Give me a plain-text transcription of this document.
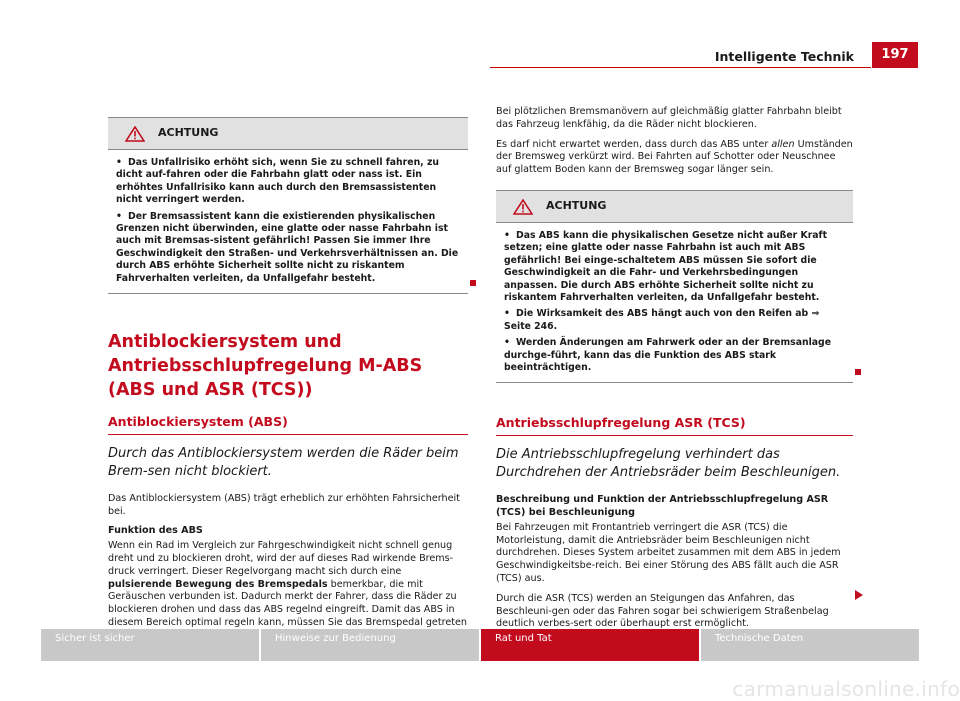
Intelligente Technik	197
ACHTUNG
• Das Unfallrisiko erhöht sich, wenn Sie zu schnell fahren, zu dicht auf-fahren oder die Fahrbahn glatt oder nass ist. Ein erhöhtes Unfallrisiko kann auch durch den Bremsassistenten nicht verringert werden.
• Der Bremsassistent kann die existierenden physikalischen Grenzen nicht überwinden, eine glatte oder nasse Fahrbahn ist auch mit Bremsas-sistent gefährlich! Passen Sie immer Ihre Geschwindigkeit den Straßen- und Verkehrsverhältnissen an. Die durch ABS erhöhte Sicherheit sollte nicht zu riskantem Fahrverhalten verleiten, da Unfallgefahr besteht.
Antiblockiersystem und Antriebsschlupfregelung M-ABS (ABS und ASR (TCS))
Antiblockiersystem (ABS)
Durch das Antiblockiersystem werden die Räder beim Brem-sen nicht blockiert.

Das Antiblockiersystem (ABS) trägt erheblich zur erhöhten Fahrsicherheit bei.

Funktion des ABS

Wenn ein Rad im Vergleich zur Fahrgeschwindigkeit nicht schnell genug dreht und zu blockieren droht, wird der auf dieses Rad wirkende Brems-druck verringert. Dieser Regelvorgang macht sich durch eine pulsierende Bewegung des Bremspedals bemerkbar, die mit Geräuschen verbunden ist. Dadurch merkt der Fahrer, dass die Räder zu blockieren drohen und dass das ABS regelnd eingreift. Damit das ABS in diesem Bereich optimal regeln kann, müssen Sie das Bremspedal getreten

Bei plötzlichen Bremsmanövern auf gleichmäßig glatter Fahrbahn bleibt das Fahrzeug lenkfähig, da die Räder nicht blockieren.

Es darf nicht erwartet werden, dass durch das ABS unter allen Umständen der Bremsweg verkürzt wird. Bei Fahrten auf Schotter oder Neuschnee auf glattem Boden kann der Bremsweg sogar länger sein.

ACHTUNG
• Das ABS kann die physikalischen Gesetze nicht außer Kraft setzen; eine glatte oder nasse Fahrbahn ist auch mit ABS gefährlich! Bei einge-schaltetem ABS müssen Sie sofort die Geschwindigkeit an die Fahr- und Verkehrsbedingungen anpassen. Die durch ABS erhöhte Sicherheit sollte nicht zu riskantem Fahrverhalten verleiten, da Unfallgefahr besteht.
• Die Wirksamkeit des ABS hängt auch von den Reifen ab ⇒ Seite 246.
• Werden Änderungen am Fahrwerk oder an der Bremsanlage durchge-führt, kann das die Funktion des ABS stark beeinträchtigen.
Antriebsschlupfregelung ASR (TCS)
Die Antriebsschlupfregelung verhindert das Durchdrehen der Antriebsräder beim Beschleunigen.

Beschreibung und Funktion der Antriebsschlupfregelung ASR (TCS) bei Beschleunigung

Bei Fahrzeugen mit Frontantrieb verringert die ASR (TCS) die Motorleistung, damit die Antriebsräder beim Beschleunigen nicht durchdrehen. Dieses System arbeitet zusammen mit dem ABS in jedem Geschwindigkeitsbe-reich. Bei einer Störung des ABS fällt auch die ASR (TCS) aus.

Durch die ASR (TCS) werden an Steigungen das Anfahren, das Beschleuni-gen oder das Fahren sogar bei schwierigem Straßenbelag deutlich verbes-sert oder überhaupt erst ermöglicht.

Sicher ist sicher	Hinweise zur Bedienung	Rat und Tat	Technische Daten
carmanualsonline.info
